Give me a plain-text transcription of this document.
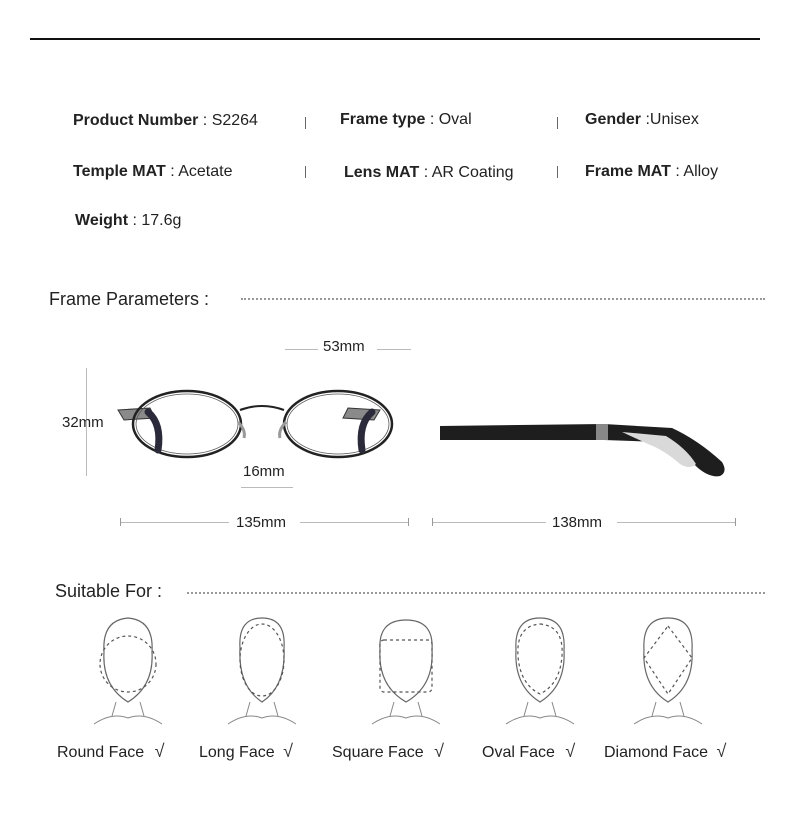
Product Number : S2264	Frame type : Oval	Gender :Unisex
Temple MAT : Acetate	Lens MAT : AR Coating	Frame MAT : Alloy
Weight : 17.6g
Frame Parameters :
53mm
32mm
16mm
135mm	138mm
Suitable For :
Round Face √ Long Face √ Square Face √ Oval Face √ Diamond Face √
